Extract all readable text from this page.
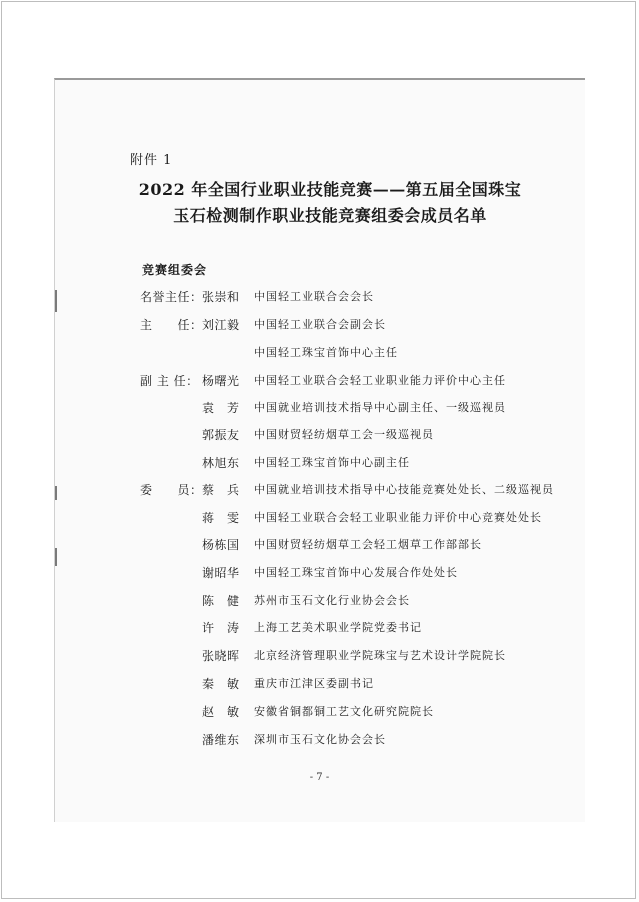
附件 1
2022 年全国行业职业技能竞赛——第五届全国珠宝
玉石检测制作职业技能竞赛组委会成员名单
竞赛组委会
名誉主任： 张崇和 中国轻工业联合会会长
主　　任： 刘江毅 中国轻工业联合会副会长
中国轻工珠宝首饰中心主任
副 主 任： 杨曙光 中国轻工业联合会轻工业职业能力评价中心主任
袁　芳 中国就业培训技术指导中心副主任、一级巡视员
郭振友 中国财贸轻纺烟草工会一级巡视员
林旭东 中国轻工珠宝首饰中心副主任
委　　员： 蔡　兵 中国就业培训技术指导中心技能竞赛处处长、二级巡视员
蒋　雯 中国轻工业联合会轻工业职业能力评价中心竞赛处处长
杨栋国 中国财贸轻纺烟草工会轻工烟草工作部部长
谢昭华 中国轻工珠宝首饰中心发展合作处处长
陈　健 苏州市玉石文化行业协会会长
许　涛 上海工艺美术职业学院党委书记
张晓晖 北京经济管理职业学院珠宝与艺术设计学院院长
秦　敏 重庆市江津区委副书记
赵　敏 安徽省铜都铜工艺文化研究院院长
潘维东 深圳市玉石文化协会会长
- 7 -
